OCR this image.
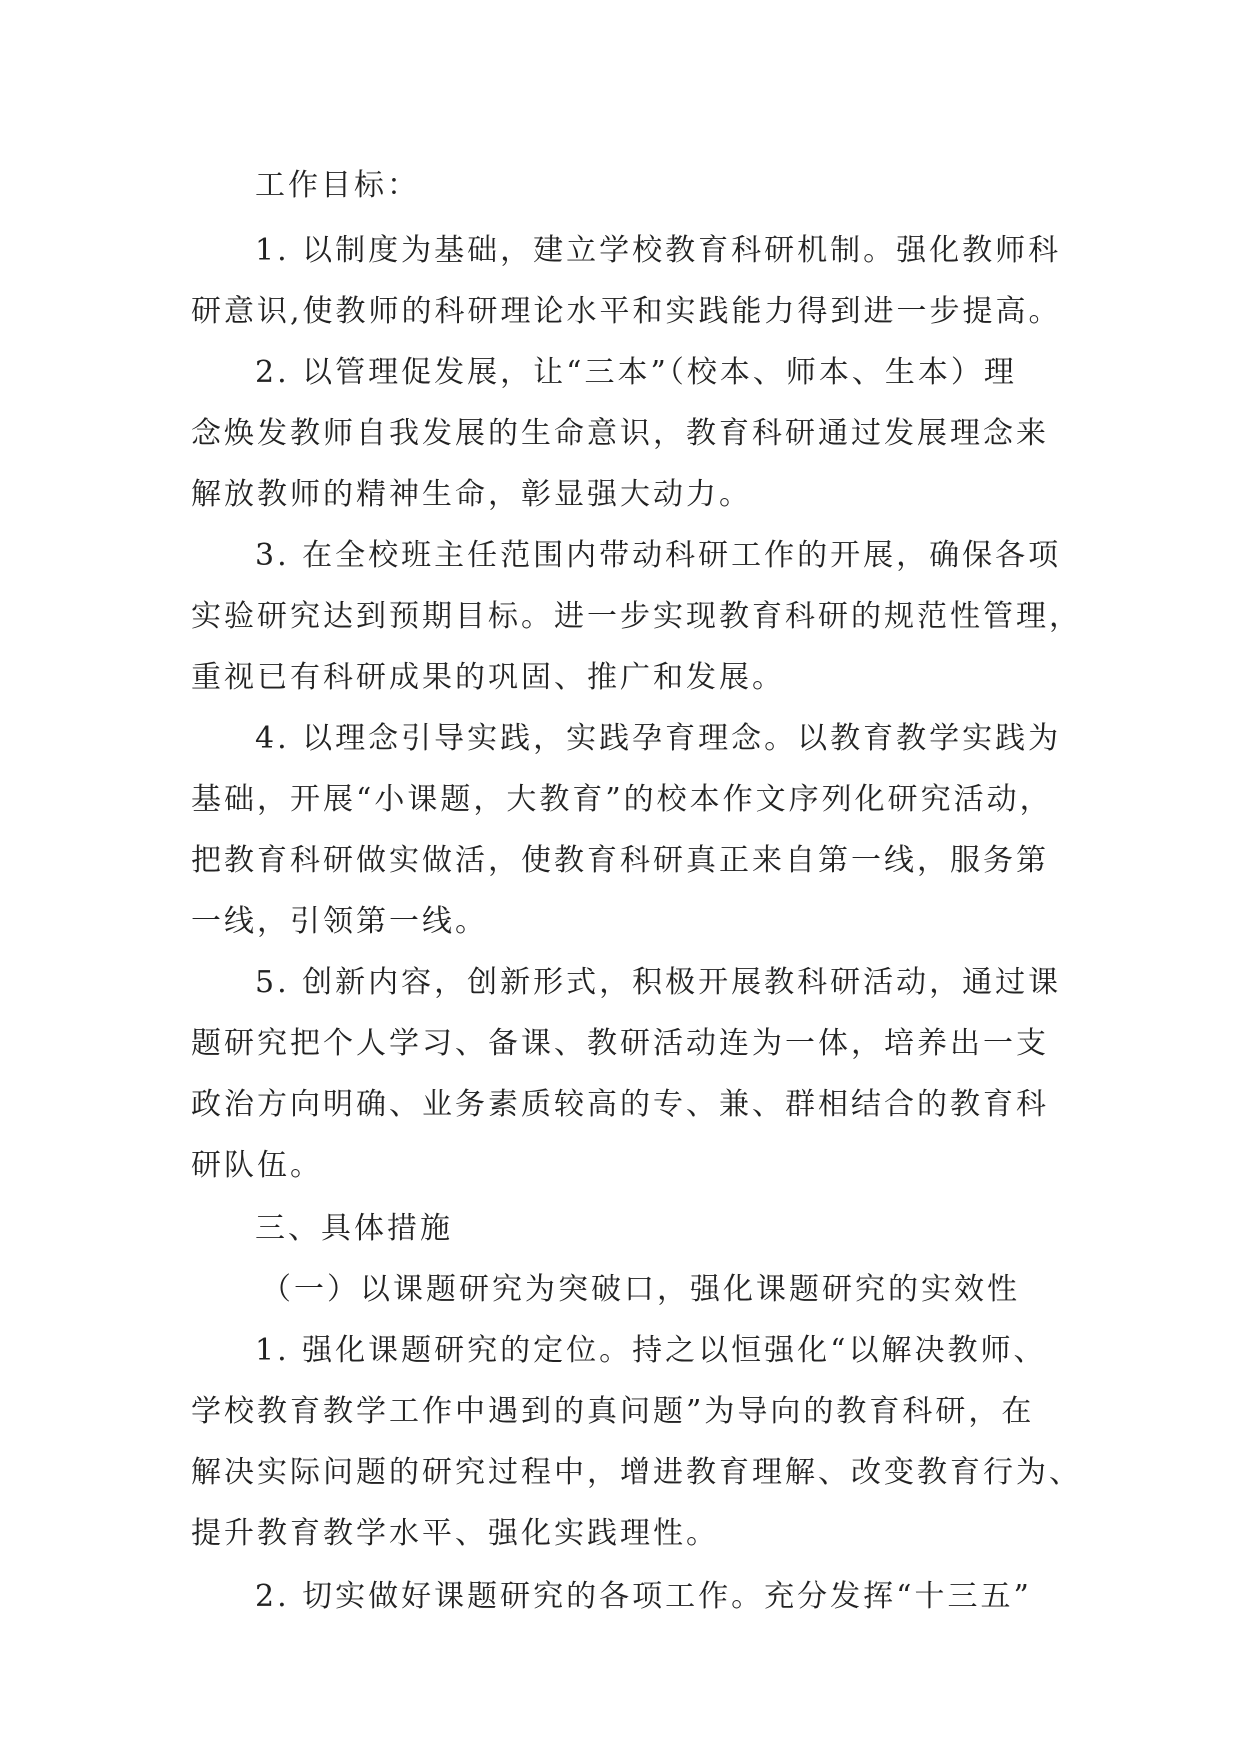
工作目标：
1. 以制度为基础，建立学校教育科研机制。强化教师科
研意识,使教师的科研理论水平和实践能力得到进一步提高。
2. 以管理促发展，让“三本”（校本、师本、生本）理
念焕发教师自我发展的生命意识，教育科研通过发展理念来
解放教师的精神生命，彰显强大动力。
3. 在全校班主任范围内带动科研工作的开展，确保各项
实验研究达到预期目标。进一步实现教育科研的规范性管理，
重视已有科研成果的巩固、推广和发展。
4. 以理念引导实践，实践孕育理念。以教育教学实践为
基础，开展“小课题，大教育”的校本作文序列化研究活动，
把教育科研做实做活，使教育科研真正来自第一线，服务第
一线，引领第一线。
5. 创新内容，创新形式，积极开展教科研活动，通过课
题研究把个人学习、备课、教研活动连为一体，培养出一支
政治方向明确、业务素质较高的专、兼、群相结合的教育科
研队伍。
三、具体措施
（一）以课题研究为突破口，强化课题研究的实效性
1. 强化课题研究的定位。持之以恒强化“以解决教师、
学校教育教学工作中遇到的真问题”为导向的教育科研，在
解决实际问题的研究过程中，增进教育理解、改变教育行为、
提升教育教学水平、强化实践理性。
2. 切实做好课题研究的各项工作。充分发挥“十三五”
